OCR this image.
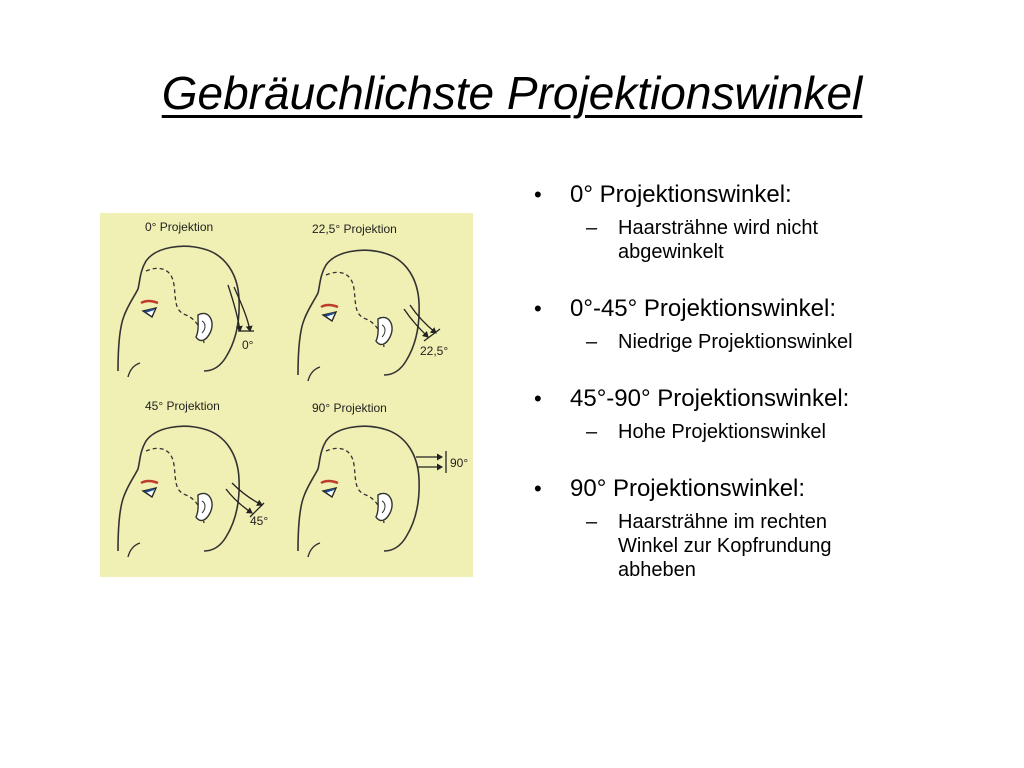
Gebräuchlichste Projektionswinkel
0° Projektion
0°
22,5° Projektion
22,5°
45° Projektion
45°
90° Projektion
90°
• 0° Projektionswinkel:
– Haarsträhne wird nicht
abgewinkelt
• 0°-45° Projektionswinkel:
– Niedrige Projektionswinkel
• 45°-90° Projektionswinkel:
– Hohe Projektionswinkel
• 90° Projektionswinkel:
– Haarsträhne im rechten
Winkel zur Kopfrundung
abheben
